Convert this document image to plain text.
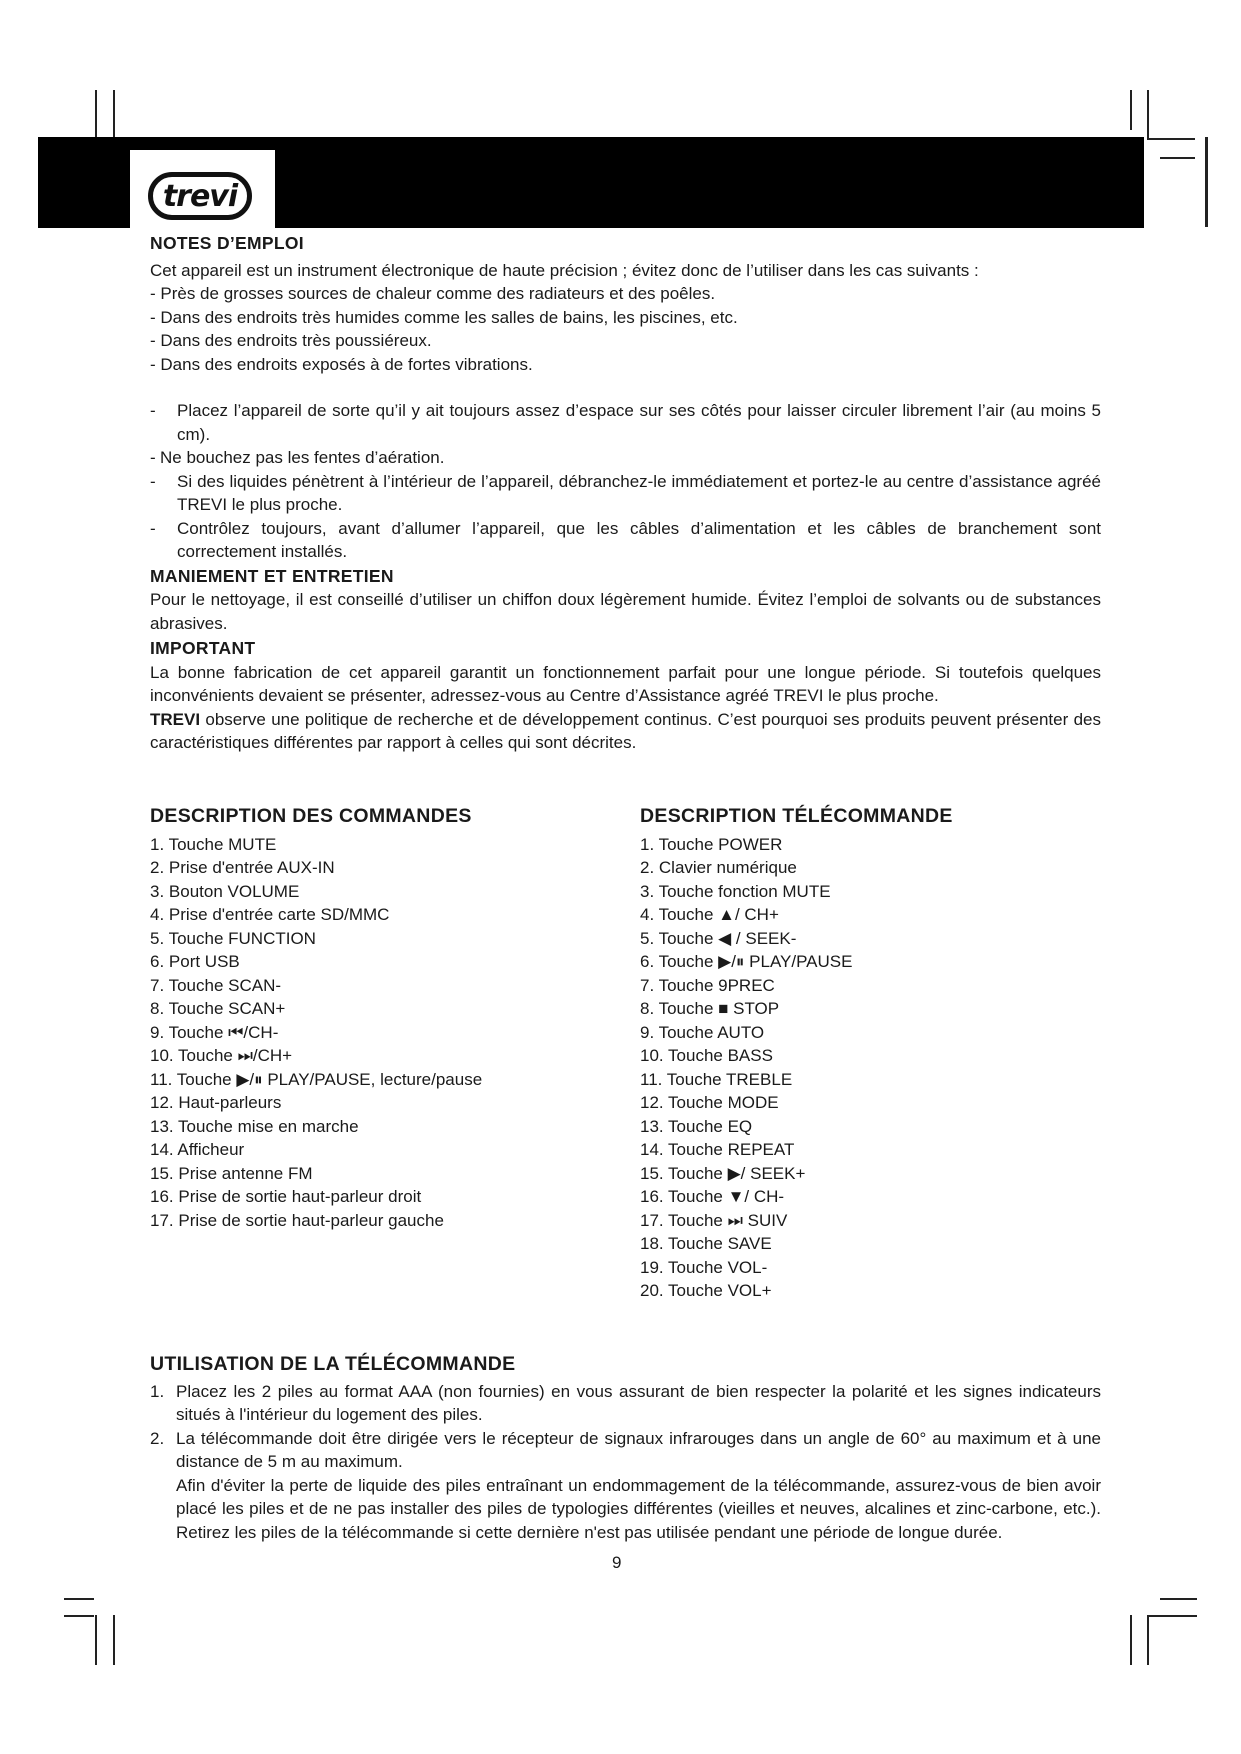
trevi
MCX 1021 USBFRA
NOTES D’EMPLOI

Cet appareil est un instrument électronique de haute précision ; évitez donc de l’utiliser dans les cas suivants :

- Près de grosses sources de chaleur comme des radiateurs et des poêles.

- Dans des endroits très humides comme les salles de bains, les piscines, etc.

- Dans des endroits très poussiéreux.

- Dans des endroits exposés à de fortes vibrations.

-	Placez l’appareil de sorte qu’il y ait toujours assez d’espace sur ses côtés pour laisser circuler librement l’air (au moins 5 cm).
- Ne bouchez pas les fentes d’aération.
-	Si des liquides pénètrent à l’intérieur de l’appareil, débranchez-le immédiatement et portez-le au centre d’assistance agréé TREVI le plus proche.
-	Contrôlez toujours, avant d’allumer l’appareil, que les câbles d’alimentation et les câbles de branchement sont correctement installés.
MANIEMENT ET ENTRETIEN

Pour le nettoyage, il est conseillé d’utiliser un chiffon doux légèrement humide. Évitez l’emploi de solvants ou de substances abrasives.

IMPORTANT

La bonne fabrication de cet appareil garantit un fonctionnement parfait pour une longue période. Si toutefois quelques inconvénients devaient se présenter, adressez-vous au Centre d’Assistance agréé TREVI le plus proche.

TREVI observe une politique de recherche et de développement continus. C’est pourquoi ses produits peuvent présenter des caractéristiques différentes par rapport à celles qui sont décrites.

DESCRIPTION DES COMMANDES
1. Touche MUTE
2. Prise d'entrée AUX-IN
3. Bouton VOLUME
4. Prise d'entrée carte SD/MMC
5. Touche FUNCTION
6. Port USB
7. Touche SCAN-
8. Touche SCAN+
9. Touche ⏮/CH-
10. Touche ⏭/CH+
11. Touche ▶/⏸ PLAY/PAUSE, lecture/pause
12. Haut-parleurs
13. Touche mise en marche
14. Afficheur
15. Prise antenne FM
16. Prise de sortie haut-parleur droit
17. Prise de sortie haut-parleur gauche
DESCRIPTION TÉLÉCOMMANDE
1. Touche POWER
2. Clavier numérique
3. Touche fonction MUTE
4. Touche ▲/ CH+
5. Touche ◀ / SEEK-
6. Touche ▶/⏸ PLAY/PAUSE
7. Touche 9PREC
8. Touche ■ STOP
9. Touche AUTO
10. Touche BASS
11. Touche TREBLE
12. Touche MODE
13. Touche EQ
14. Touche REPEAT
15. Touche ▶/ SEEK+
16. Touche ▼/ CH-
17. Touche ⏭ SUIV
18. Touche SAVE
19. Touche VOL-
20. Touche VOL+
UTILISATION DE LA TÉLÉCOMMANDE
1. Placez les 2 piles au format AAA (non fournies) en vous assurant de bien respecter la polarité et les signes indicateurs situés à l'intérieur du logement des piles.
2. La télécommande doit être dirigée vers le récepteur de signaux infrarouges dans un angle de 60° au maximum et à une distance de 5 m au maximum.

Afin d'éviter la perte de liquide des piles entraînant un endommagement de la télécommande, assurez-vous de bien avoir placé les piles et de ne pas installer des piles de typologies différentes (vieilles et neuves, alcalines et zinc-carbone, etc.). Retirez les piles de la télécommande si cette dernière n'est pas utilisée pendant une période de longue durée.

9
